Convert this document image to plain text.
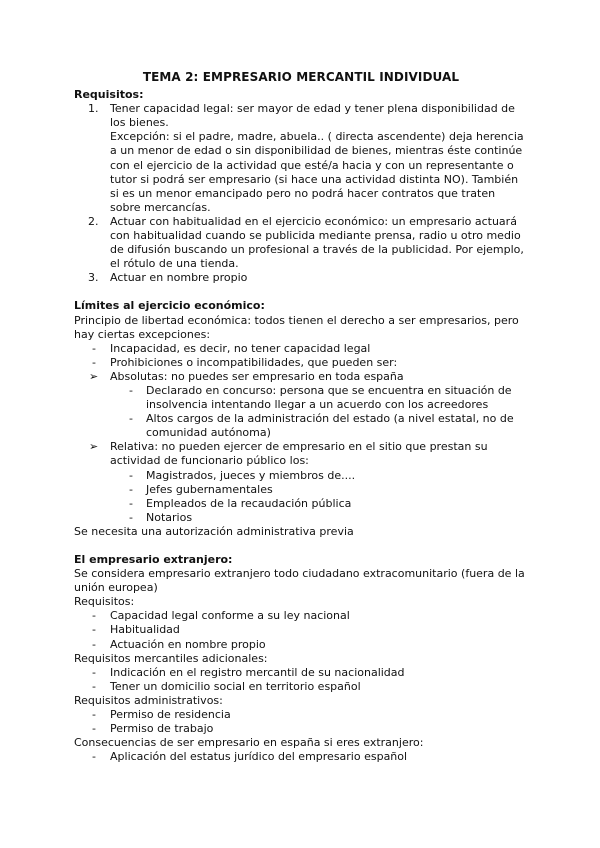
TEMA 2: EMPRESARIO MERCANTIL INDIVIDUAL
Requisitos:
1. Tener capacidad legal: ser mayor de edad y tener plena disponibilidad de los bienes.

Excepción: si el padre, madre, abuela.. ( directa ascendente) deja herencia a un menor de edad o sin disponibilidad de bienes, mientras éste continúe con el ejercicio de la actividad que esté/a hacia y con un representante o tutor si podrá ser empresario (si hace una actividad distinta NO). También si es un menor emancipado pero no podrá hacer contratos que traten sobre mercancías.

2. Actuar con habitualidad en el ejercicio económico: un empresario actuará con habitualidad cuando se publicida mediante prensa, radio u otro medio de difusión buscando un profesional a través de la publicidad. Por ejemplo, el rótulo de una tienda.

3. Actuar en nombre propio

Límites al ejercicio económico:

Principio de libertad económica: todos tienen el derecho a ser empresarios, pero hay ciertas excepciones:

- Incapacidad, es decir, no tener capacidad legal
- Prohibiciones o incompatibilidades, que pueden ser:
➢ Absolutas: no puedes ser empresario en toda españa

- Declarado en concurso: persona que se encuentra en situación de insolvencia intentando llegar a un acuerdo con los acreedores

- Altos cargos de la administración del estado (a nivel estatal, no de comunidad autónoma)

➢ Relativa: no pueden ejercer de empresario en el sitio que prestan su actividad de funcionario público los:

- Magistrados, jueces y miembros de....
- Jefes gubernamentales
- Empleados de la recaudación pública
- Notarios

Se necesita una autorización administrativa previa

El empresario extranjero:

Se considera empresario extranjero todo ciudadano extracomunitario (fuera de la unión europea)

Requisitos:

- Capacidad legal conforme a su ley nacional
- Habitualidad
- Actuación en nombre propio

Requisitos mercantiles adicionales:

- Indicación en el registro mercantil de su nacionalidad
- Tener un domicilio social en territorio español

Requisitos administrativos:

- Permiso de residencia
- Permiso de trabajo

Consecuencias de ser empresario en españa si eres extranjero:

- Aplicación del estatus jurídico del empresario español
